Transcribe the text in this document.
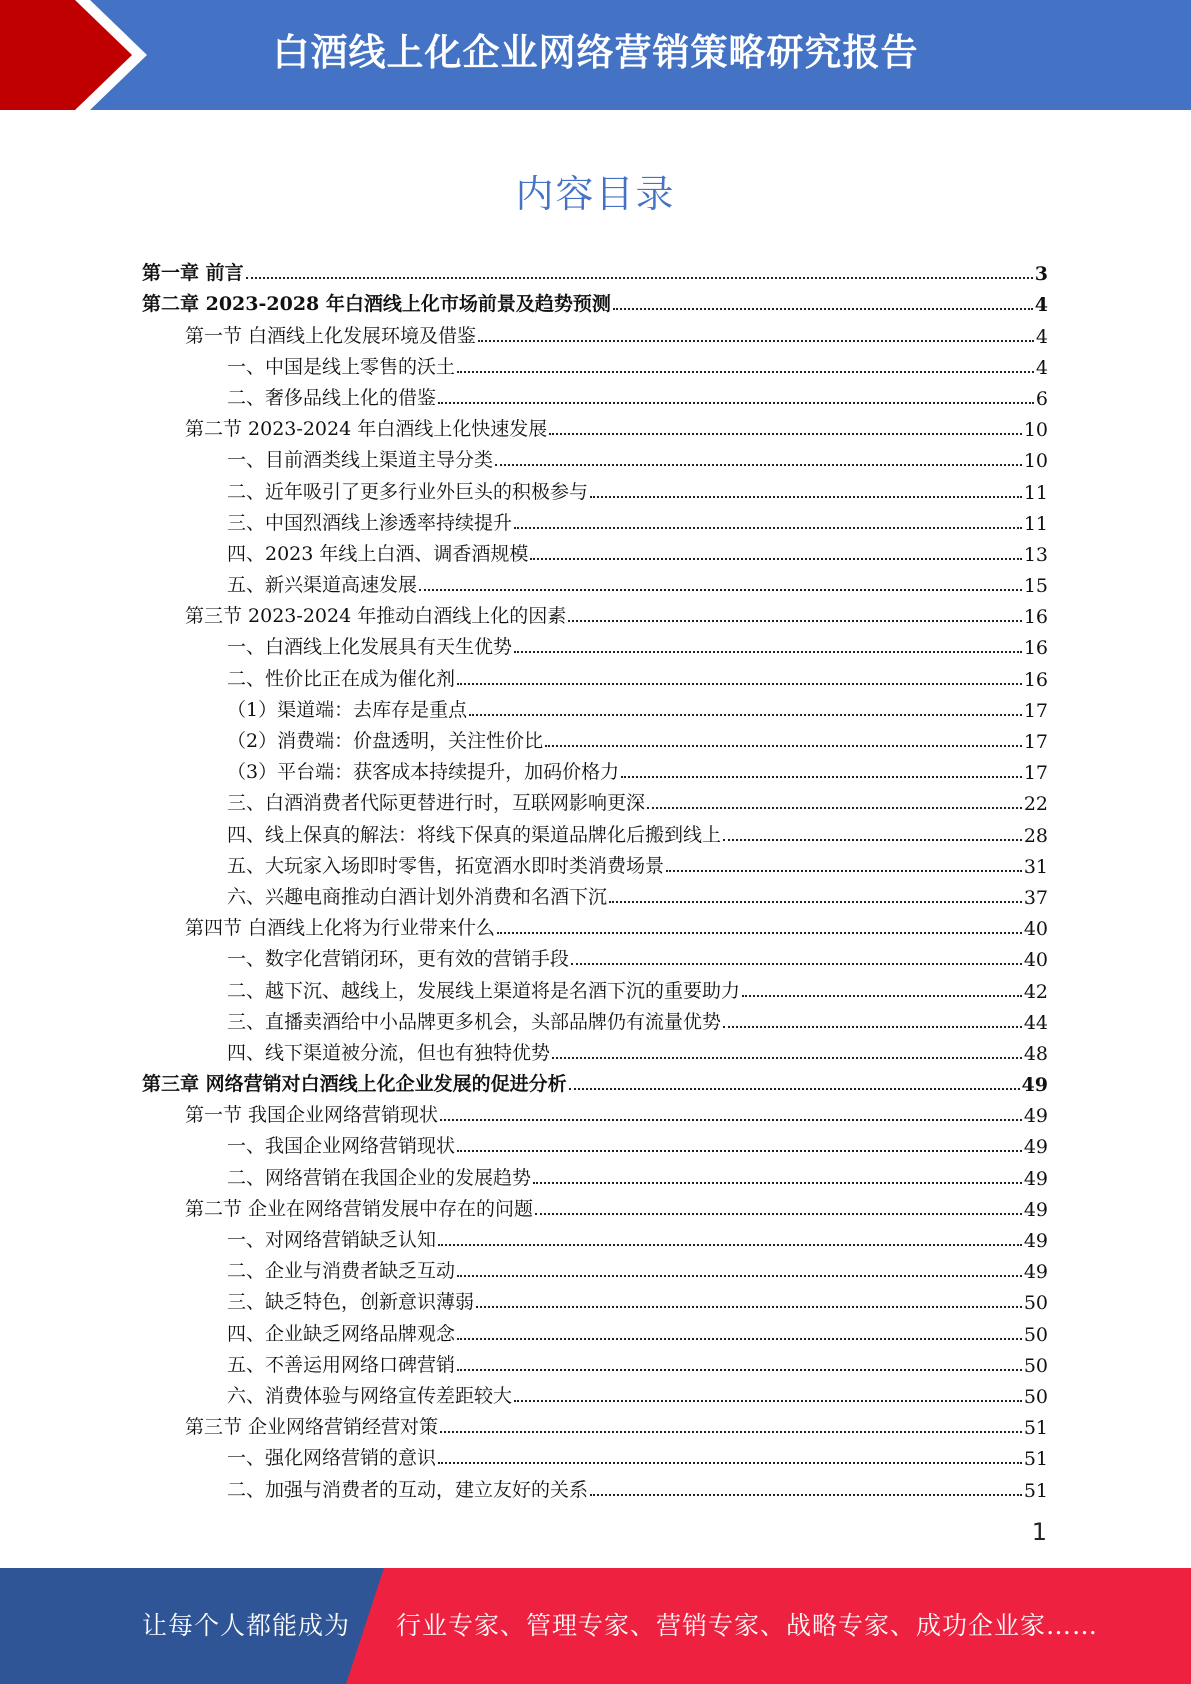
白酒线上化企业网络营销策略研究报告
内容目录
第一章 前言	3
第二章 2023-2028 年白酒线上化市场前景及趋势预测	4
第一节 白酒线上化发展环境及借鉴	4
一、中国是线上零售的沃土	4
二、奢侈品线上化的借鉴	6
第二节 2023-2024 年白酒线上化快速发展	10
一、目前酒类线上渠道主导分类	10
二、近年吸引了更多行业外巨头的积极参与	11
三、中国烈酒线上渗透率持续提升	11
四、2023 年线上白酒、调香酒规模	13
五、新兴渠道高速发展	15
第三节 2023-2024 年推动白酒线上化的因素	16
一、白酒线上化发展具有天生优势	16
二、性价比正在成为催化剂	16
（1）渠道端：去库存是重点	17
（2）消费端：价盘透明，关注性价比	17
（3）平台端：获客成本持续提升，加码价格力	17
三、白酒消费者代际更替进行时，互联网影响更深	22
四、线上保真的解法：将线下保真的渠道品牌化后搬到线上	28
五、大玩家入场即时零售，拓宽酒水即时类消费场景	31
六、兴趣电商推动白酒计划外消费和名酒下沉	37
第四节 白酒线上化将为行业带来什么	40
一、数字化营销闭环，更有效的营销手段	40
二、越下沉、越线上，发展线上渠道将是名酒下沉的重要助力	42
三、直播卖酒给中小品牌更多机会，头部品牌仍有流量优势	44
四、线下渠道被分流，但也有独特优势	48
第三章 网络营销对白酒线上化企业发展的促进分析	49
第一节 我国企业网络营销现状	49
一、我国企业网络营销现状	49
二、网络营销在我国企业的发展趋势	49
第二节 企业在网络营销发展中存在的问题	49
一、对网络营销缺乏认知	49
二、企业与消费者缺乏互动	49
三、缺乏特色，创新意识薄弱	50
四、企业缺乏网络品牌观念	50
五、不善运用网络口碑营销	50
六、消费体验与网络宣传差距较大	50
第三节 企业网络营销经营对策	51
一、强化网络营销的意识	51
二、加强与消费者的互动，建立友好的关系	51
1
让每个人都能成为 行业专家、管理专家、营销专家、战略专家、成功企业家……
